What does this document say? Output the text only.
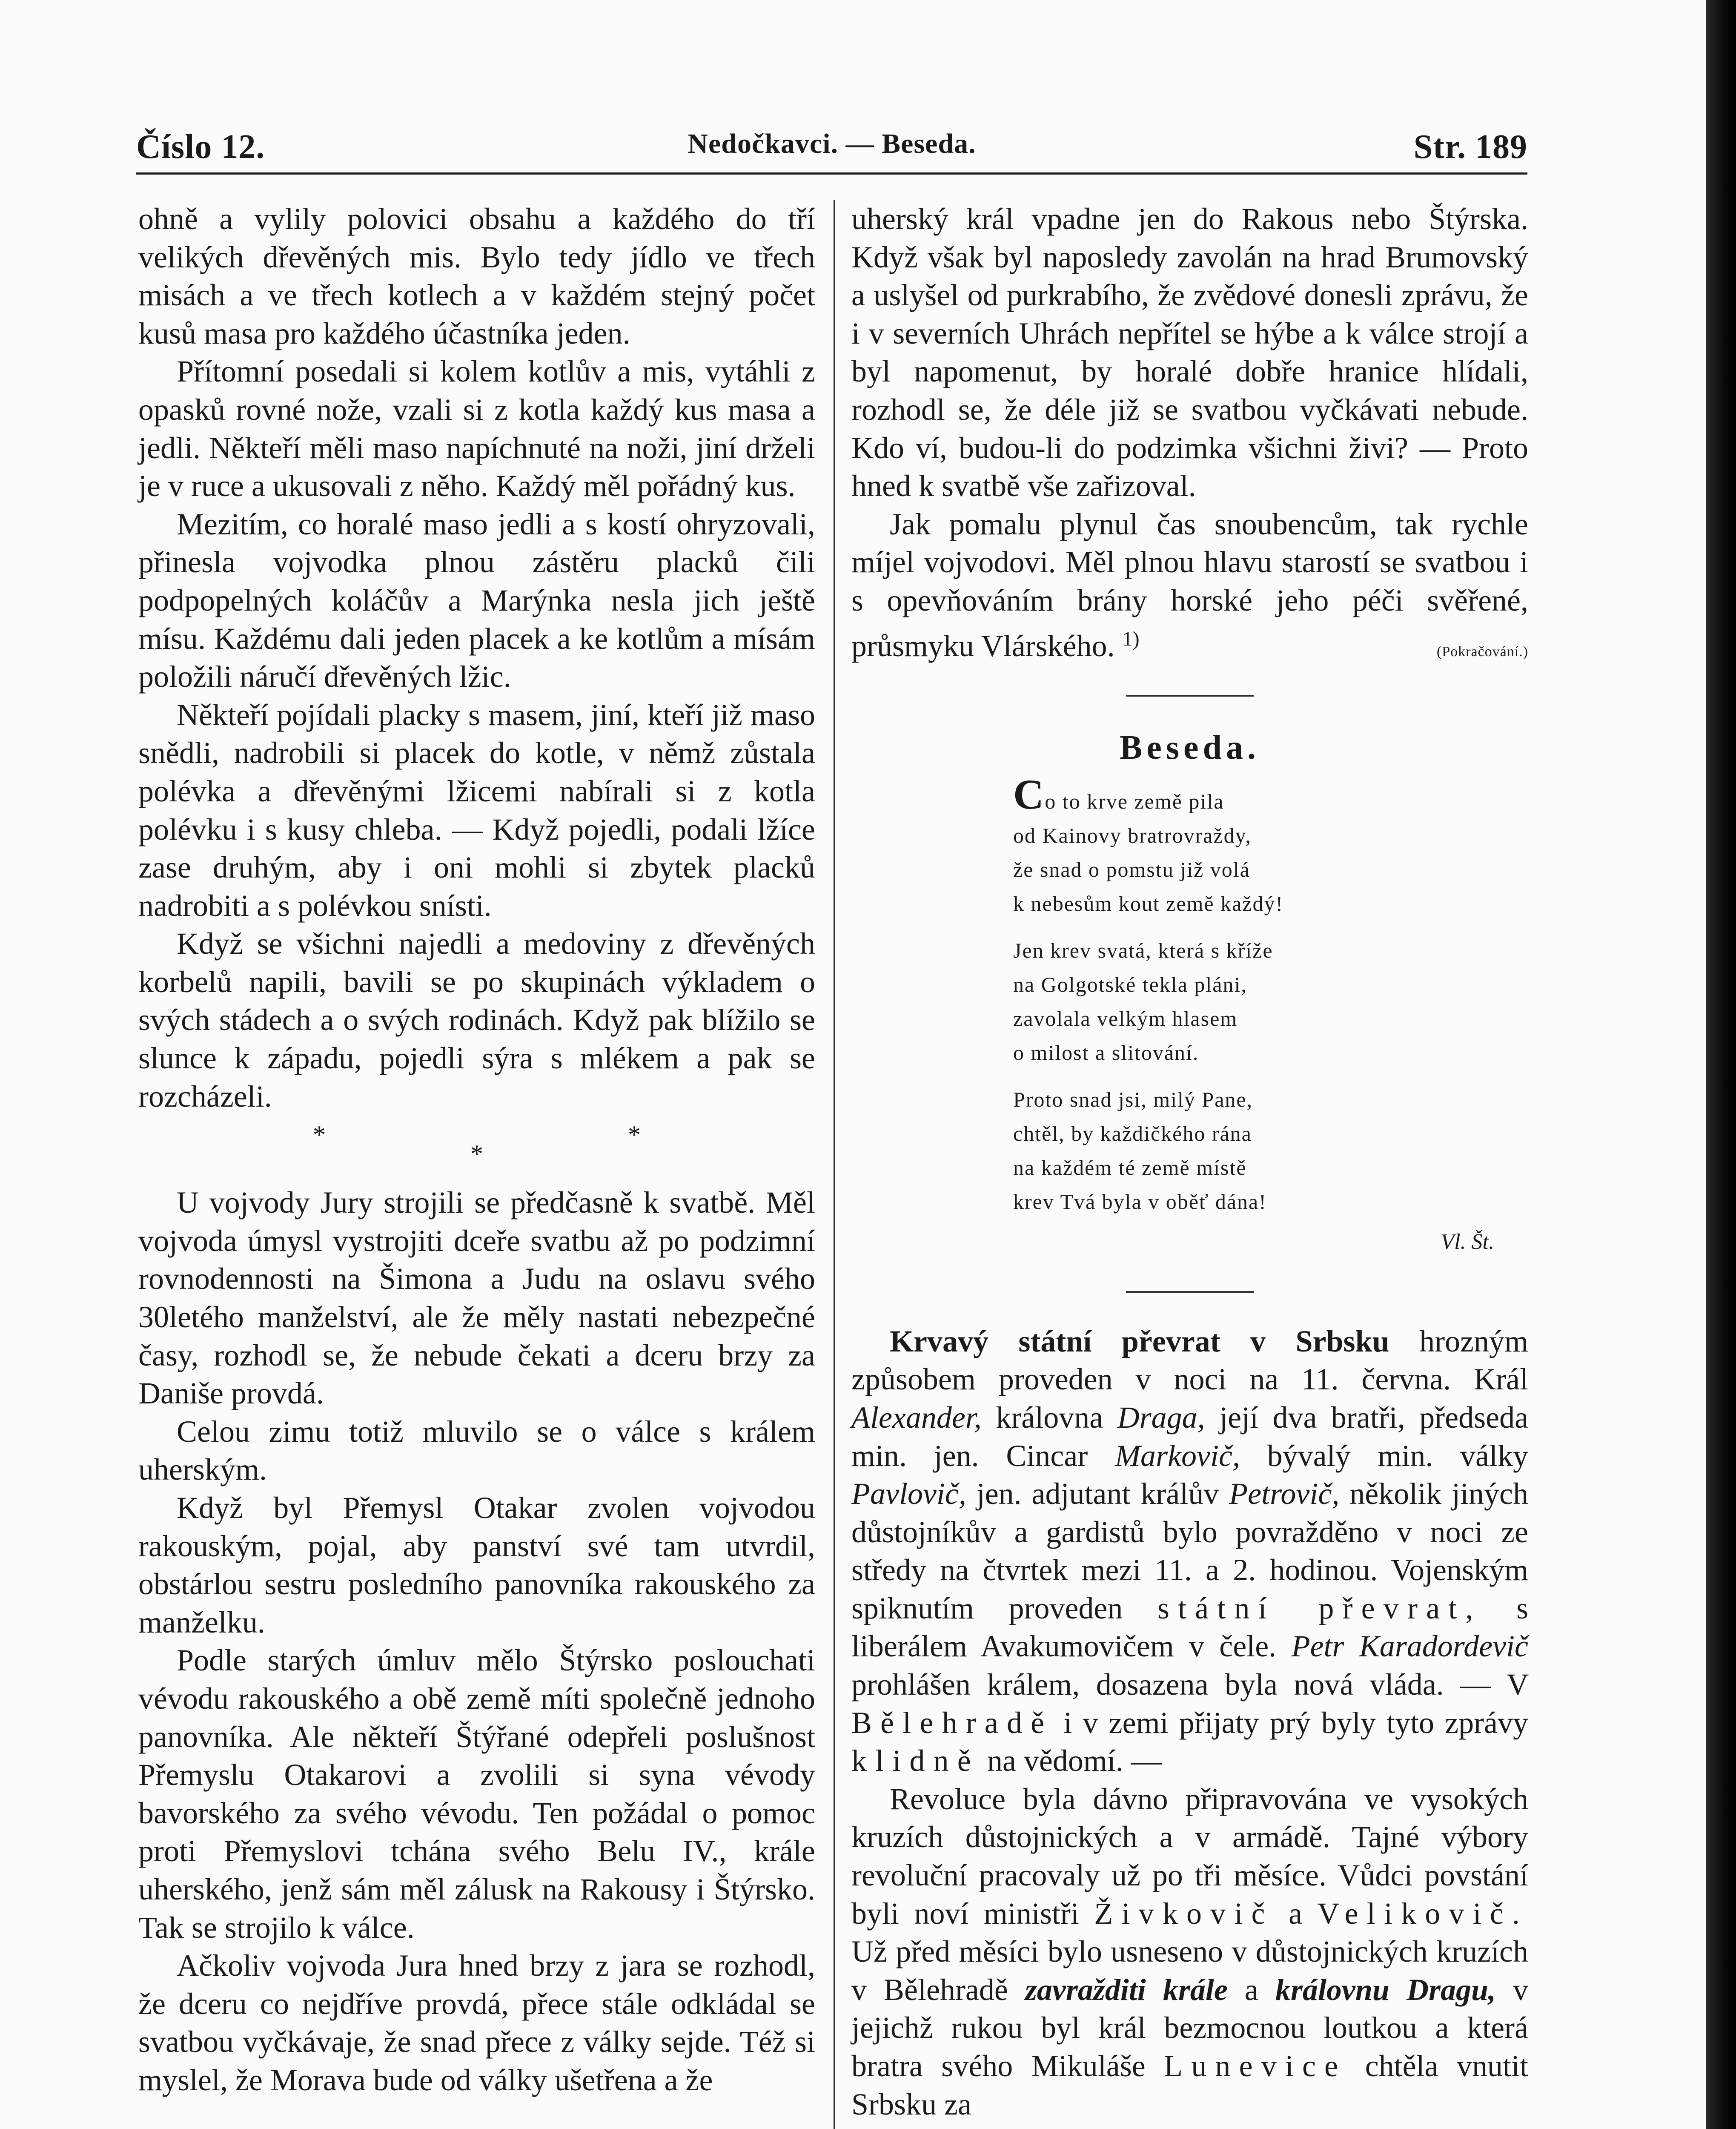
Číslo 12.	Nedočkavci. — Beseda.	Str. 189

ohně a vylily polovici obsahu a každého do tří velikých dřevěných mis. Bylo tedy jídlo ve třech misách a ve třech kotlech a v každém stejný počet kusů masa pro každého účastníka jeden.

Přítomní posedali si kolem kotlův a mis, vytáhli z opasků rovné nože, vzali si z kotla každý kus masa a jedli. Někteří měli maso napíchnuté na noži, jiní drželi je v ruce a ukusovali z něho. Každý měl pořádný kus.

Mezitím, co horalé maso jedli a s kostí ohryzovali, přinesla vojvodka plnou zástěru placků čili podpopelných koláčův a Marýnka nesla jich ještě mísu. Každému dali jeden placek a ke kotlům a mísám položili náručí dřevěných lžic.

Někteří pojídali placky s masem, jiní, kteří již maso snědli, nadrobili si placek do kotle, v němž zůstala polévka a dřevěnými lžicemi nabírali si z kotla polévku i s kusy chleba. — Když pojedli, podali lžíce zase druhým, aby i oni mohli si zbytek placků nadrobiti a s polévkou snísti.

Když se všichni najedli a medoviny z dřevěných korbelů napili, bavili se po skupinách výkladem o svých stádech a o svých rodinách. Když pak blížilo se slunce k západu, pojedli sýra s mlékem a pak se rozcházeli.

***

U vojvody Jury strojili se předčasně k svatbě. Měl vojvoda úmysl vystrojiti dceře svatbu až po podzimní rovnodennosti na Šimona a Judu na oslavu svého 30letého manželství, ale že měly nastati nebezpečné časy, rozhodl se, že nebude čekati a dceru brzy za Daniše provdá.

Celou zimu totiž mluvilo se o válce s králem uherským.

Když byl Přemysl Otakar zvolen vojvodou rakouským, pojal, aby panství své tam utvrdil, obstárlou sestru posledního panovníka rakouského za manželku.

Podle starých úmluv mělo Štýrsko poslouchati vévodu rakouského a obě země míti společně jednoho panovníka. Ale někteří Štýřané odepřeli poslušnost Přemyslu Otakarovi a zvolili si syna vévody bavorského za svého vévodu. Ten požádal o pomoc proti Přemyslovi tchána svého Belu IV., krále uherského, jenž sám měl zálusk na Rakousy i Štýrsko. Tak se strojilo k válce.

Ačkoliv vojvoda Jura hned brzy z jara se rozhodl, že dceru co nejdříve provdá, přece stále odkládal se svatbou vyčkávaje, že snad přece z války sejde. Též si myslel, že Morava bude od války ušetřena a že

uherský král vpadne jen do Rakous nebo Štýrska. Když však byl naposledy zavolán na hrad Brumovský a uslyšel od purkrabího, že zvědové donesli zprávu, že i v severních Uhrách nepřítel se hýbe a k válce strojí a byl napomenut, by horalé dobře hranice hlídali, rozhodl se, že déle již se svatbou vyčkávati nebude. Kdo ví, budou-li do podzimka všichni živi? — Proto hned k svatbě vše zařizoval.

Jak pomalu plynul čas snoubencům, tak rychle míjel vojvodovi. Měl plnou hlavu starostí se svatbou i s opevňováním brány horské jeho péči svěřené, průsmyku Vlárského. $^{1)}$
(Pokračování.)

Beseda.
Co to krve země pila
od Kainovy bratrovraždy,
že snad o pomstu již volá
k nebesům kout země každý!
Jen krev svatá, která s kříže
na Golgotské tekla pláni,
zavolala velkým hlasem
o milost a slitování.
Proto snad jsi, milý Pane,
chtěl, by každičkého rána
na každém té země místě
krev Tvá byla v oběť dána!
Vl. Št.

Krvavý státní převrat v Srbsku hrozným způsobem proveden v noci na 11. června. Král Alexander, královna Draga, její dva bratři, předseda min. jen. Cincar Markovič, bývalý min. války Pavlovič, jen. adjutant králův Petrovič, několik jiných důstojníkův a gardistů bylo povražděno v noci ze středy na čtvrtek mezi 11. a 2. hodinou. Vojenským spiknutím proveden státní převrat, s liberálem Avakumovičem v čele. Petr Karadordevič prohlášen králem, dosazena byla nová vláda. — V Bělehradě i v zemi přijaty prý byly tyto zprávy klidně na vědomí. —

Revoluce byla dávno připravována ve vysokých kruzích důstojnických a v armádě. Tajné výbory revoluční pracovaly už po tři měsíce. Vůdci povstání byli noví ministři Živkovič a Velikovič. Už před měsíci bylo usneseno v důstojnických kruzích v Bělehradě zavražditi krále a královnu Dragu, v jejichž rukou byl král bezmocnou loutkou a která bratra svého Mikuláše Lunevice chtěla vnutit Srbsku za
